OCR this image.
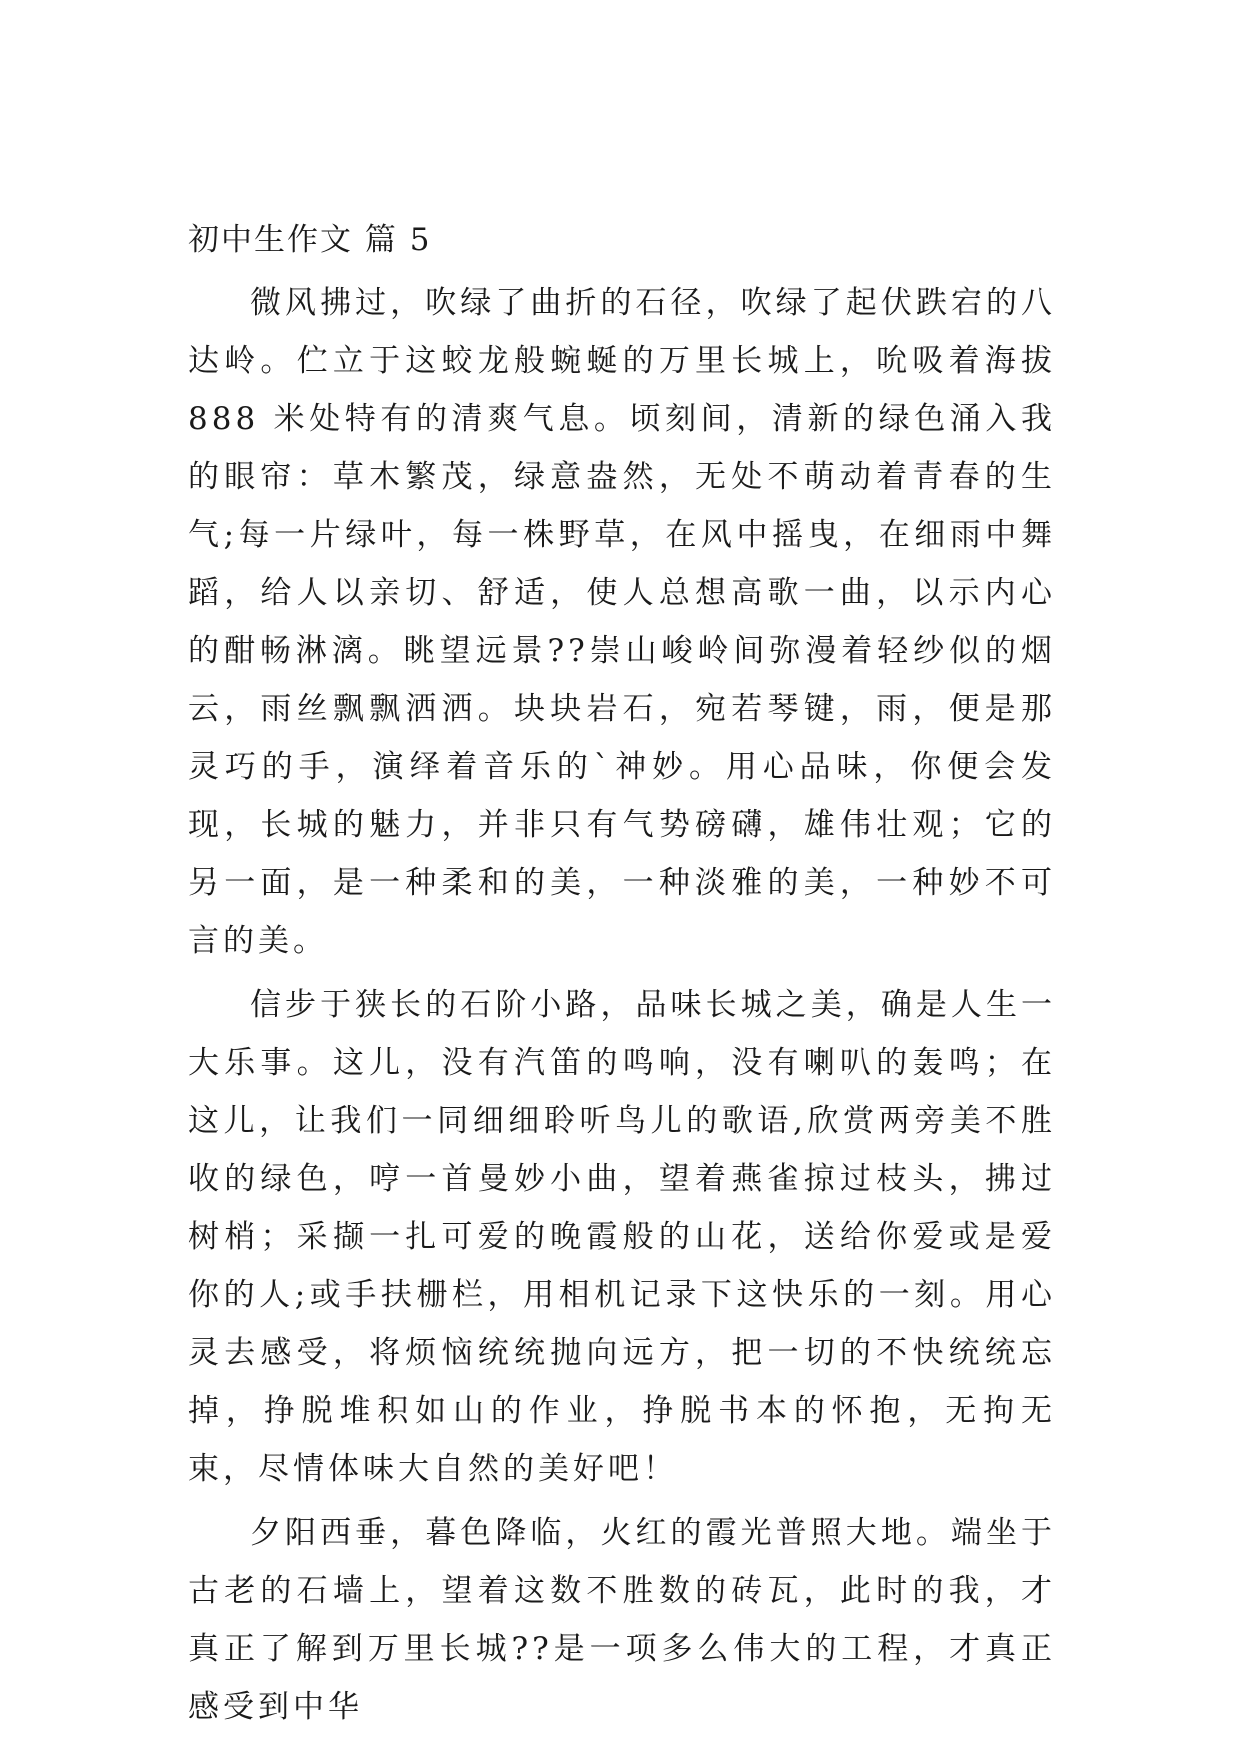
初中生作文 篇 5

微风拂过，吹绿了曲折的石径，吹绿了起伏跌宕的八达岭。伫立于这蛟龙般蜿蜒的万里长城上，吮吸着海拔 888 米处特有的清爽气息。顷刻间，清新的绿色涌入我的眼帘：草木繁茂，绿意盎然，无处不萌动着青春的生气;每一片绿叶，每一株野草，在风中摇曳，在细雨中舞蹈，给人以亲切、舒适，使人总想高歌一曲，以示内心的酣畅淋漓。眺望远景??崇山峻岭间弥漫着轻纱似的烟云，雨丝飘飘洒洒。块块岩石，宛若琴键，雨，便是那灵巧的手，演绎着音乐的`神妙。用心品味，你便会发现，长城的魅力，并非只有气势磅礴，雄伟壮观；它的另一面，是一种柔和的美，一种淡雅的美，一种妙不可言的美。

信步于狭长的石阶小路，品味长城之美，确是人生一大乐事。这儿，没有汽笛的鸣响，没有喇叭的轰鸣；在这儿，让我们一同细细聆听鸟儿的歌语,欣赏两旁美不胜收的绿色，哼一首曼妙小曲，望着燕雀掠过枝头，拂过树梢；采撷一扎可爱的晚霞般的山花，送给你爱或是爱你的人;或手扶栅栏，用相机记录下这快乐的一刻。用心灵去感受，将烦恼统统抛向远方，把一切的不快统统忘掉，挣脱堆积如山的作业，挣脱书本的怀抱，无拘无束，尽情体味大自然的美好吧！

夕阳西垂，暮色降临，火红的霞光普照大地。端坐于古老的石墙上，望着这数不胜数的砖瓦，此时的我，才真正了解到万里长城??是一项多么伟大的工程，才真正感受到中华
